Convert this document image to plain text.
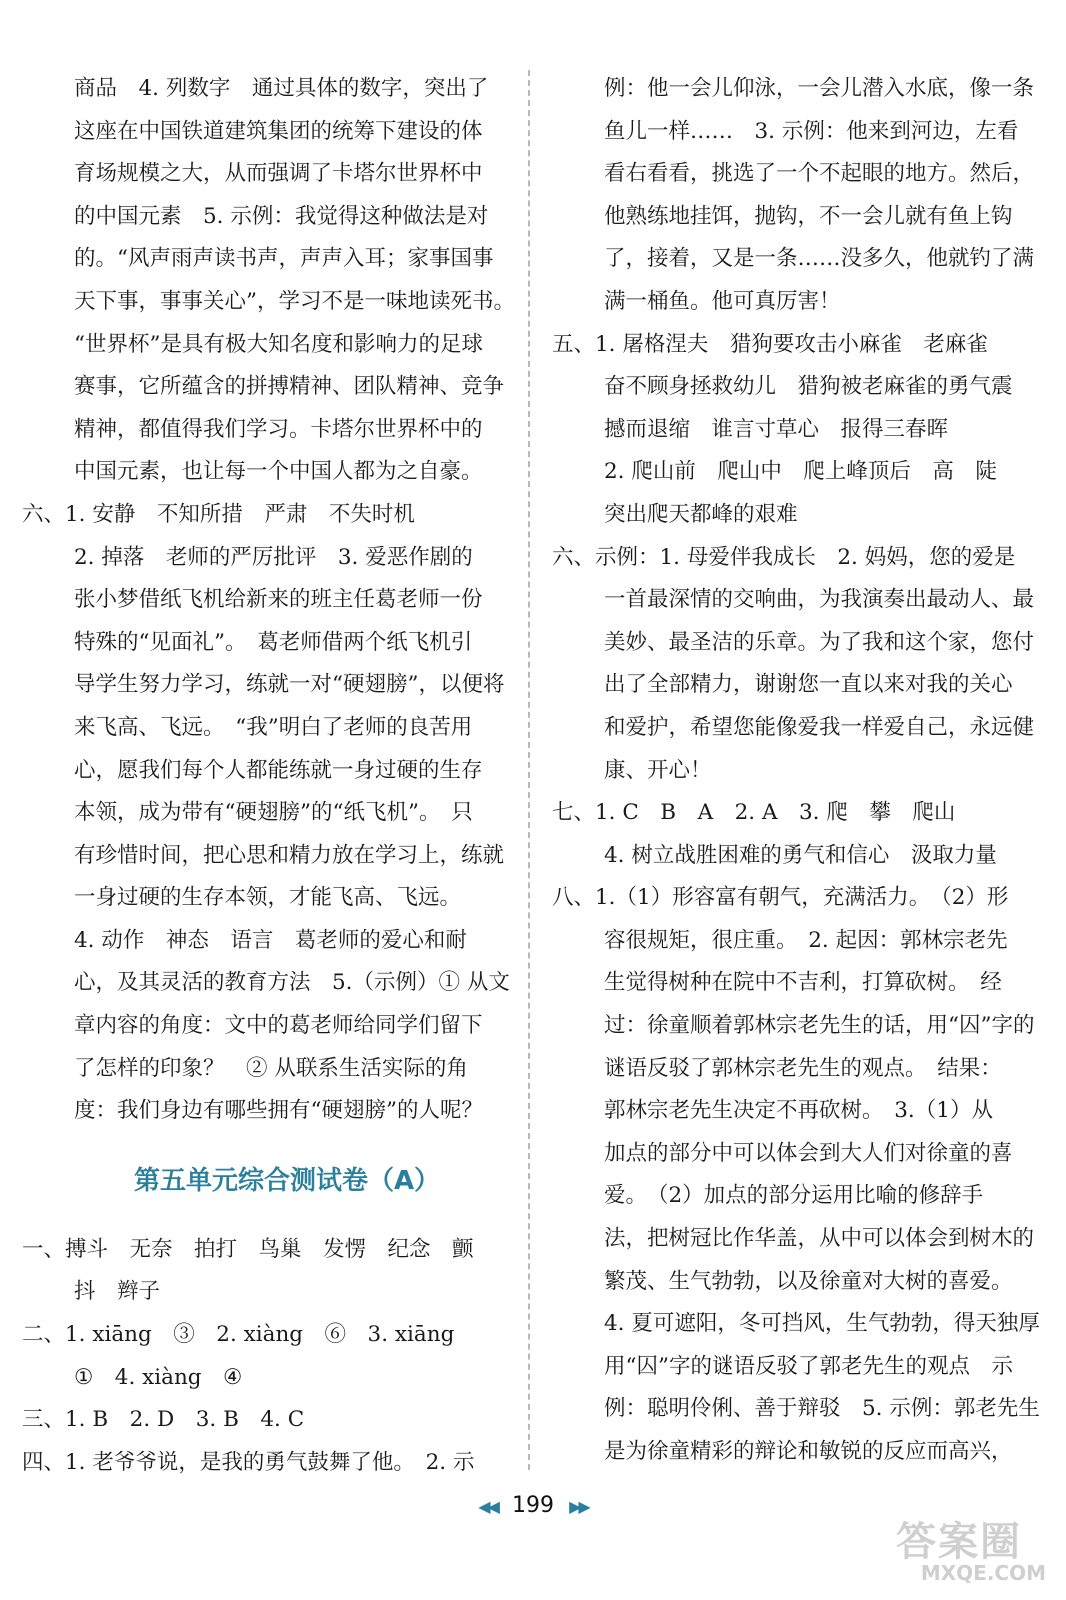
商品　4. 列数字　通过具体的数字，突出了
这座在中国铁道建筑集团的统筹下建设的体
育场规模之大，从而强调了卡塔尔世界杯中
的中国元素　5. 示例：我觉得这种做法是对
的。“风声雨声读书声，声声入耳；家事国事
天下事，事事关心”，学习不是一味地读死书。
“世界杯”是具有极大知名度和影响力的足球
赛事，它所蕴含的拼搏精神、团队精神、竞争
精神，都值得我们学习。卡塔尔世界杯中的
中国元素，也让每一个中国人都为之自豪。
六、1. 安静　不知所措　严肃　不失时机
2. 掉落　老师的严厉批评　3. 爱恶作剧的
张小梦借纸飞机给新来的班主任葛老师一份
特殊的“见面礼”。　葛老师借两个纸飞机引
导学生努力学习，练就一对“硬翅膀”，以便将
来飞高、飞远。　“我”明白了老师的良苦用
心，愿我们每个人都能练就一身过硬的生存
本领，成为带有“硬翅膀”的“纸飞机”。　只
有珍惜时间，把心思和精力放在学习上，练就
一身过硬的生存本领，才能飞高、飞远。
4. 动作　神态　语言　葛老师的爱心和耐
心，及其灵活的教育方法　5.（示例）① 从文
章内容的角度：文中的葛老师给同学们留下
了怎样的印象？　② 从联系生活实际的角
度：我们身边有哪些拥有“硬翅膀”的人呢？
第五单元综合测试卷（A）
一、搏斗　无奈　拍打　鸟巢　发愣　纪念　颤
抖　辫子
二、1. xiāng　③　2. xiàng　⑥　3. xiāng
①　4. xiàng　④
三、1. B　2. D　3. B　4. C
四、1. 老爷爷说，是我的勇气鼓舞了他。　2. 示
例：他一会儿仰泳，一会儿潜入水底，像一条
鱼儿一样……　3. 示例：他来到河边，左看
看右看看，挑选了一个不起眼的地方。然后，
他熟练地挂饵，抛钩，不一会儿就有鱼上钩
了，接着，又是一条……没多久，他就钓了满
满一桶鱼。他可真厉害！
五、1. 屠格涅夫　猎狗要攻击小麻雀　老麻雀
奋不顾身拯救幼儿　猎狗被老麻雀的勇气震
撼而退缩　谁言寸草心　报得三春晖
2. 爬山前　爬山中　爬上峰顶后　高　陡
突出爬天都峰的艰难
六、示例：1. 母爱伴我成长　2. 妈妈，您的爱是
一首最深情的交响曲，为我演奏出最动人、最
美妙、最圣洁的乐章。为了我和这个家，您付
出了全部精力，谢谢您一直以来对我的关心
和爱护，希望您能像爱我一样爱自己，永远健
康、开心！
七、1. C　B　A　2. A　3. 爬　攀　爬山
4. 树立战胜困难的勇气和信心　汲取力量
八、1.（1）形容富有朝气，充满活力。　（2）形
容很规矩，很庄重。　2. 起因：郭林宗老先
生觉得树种在院中不吉利，打算砍树。　经
过：徐童顺着郭林宗老先生的话，用“囚”字的
谜语反驳了郭林宗老先生的观点。　结果：
郭林宗老先生决定不再砍树。　3.（1）从
加点的部分中可以体会到大人们对徐童的喜
爱。　（2）加点的部分运用比喻的修辞手
法，把树冠比作华盖，从中可以体会到树木的
繁茂、生气勃勃，以及徐童对大树的喜爱。
4. 夏可遮阳，冬可挡风，生气勃勃，得天独厚
用“囚”字的谜语反驳了郭老先生的观点　示
例：聪明伶俐、善于辩驳　5. 示例：郭老先生
是为徐童精彩的辩论和敏锐的反应而高兴，
◀◀ 199 ▶▶
答案圈
MXQE.COM
